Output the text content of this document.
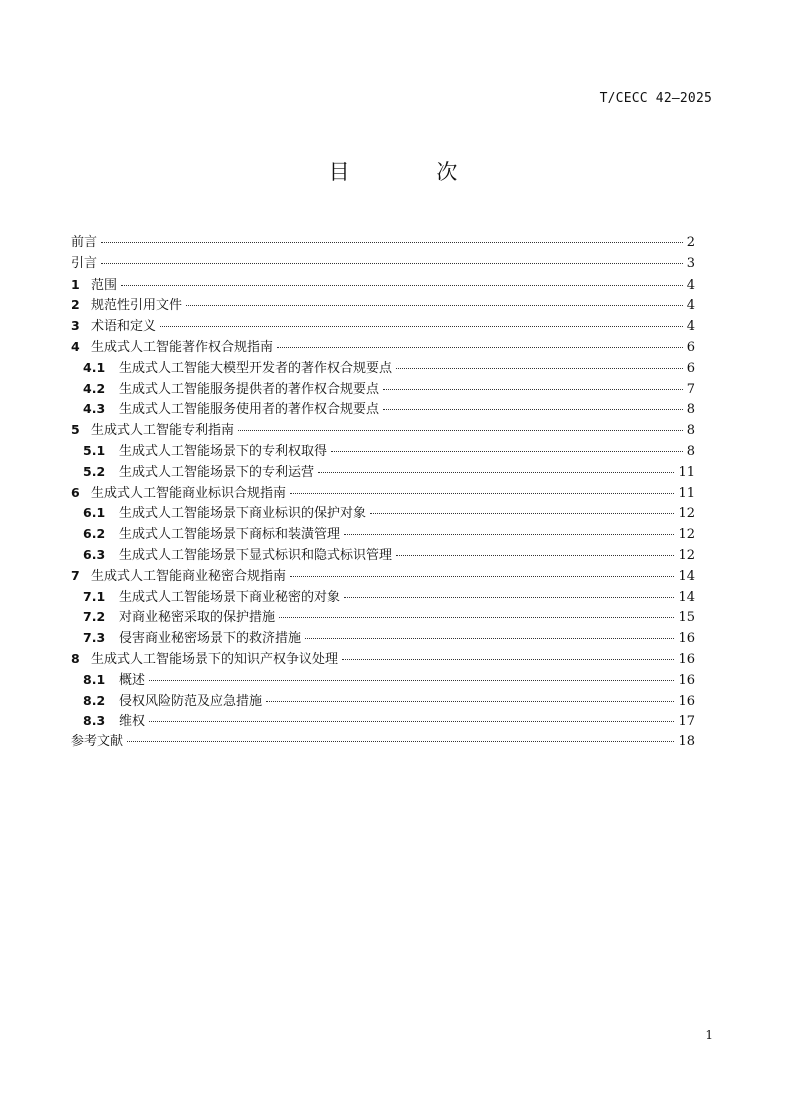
T/CECC 42—2025
目 次
前言	2
引言	3
1 范围	4
2 规范性引用文件	4
3 术语和定义	4
4 生成式人工智能著作权合规指南	6
4.1	生成式人工智能大模型开发者的著作权合规要点	6
4.2	生成式人工智能服务提供者的著作权合规要点	7
4.3	生成式人工智能服务使用者的著作权合规要点	8
5 生成式人工智能专利指南	8
5.1	生成式人工智能场景下的专利权取得	8
5.2	生成式人工智能场景下的专利运营	11
6 生成式人工智能商业标识合规指南	11
6.1	生成式人工智能场景下商业标识的保护对象	12
6.2	生成式人工智能场景下商标和装潢管理	12
6.3	生成式人工智能场景下显式标识和隐式标识管理	12
7 生成式人工智能商业秘密合规指南	14
7.1	生成式人工智能场景下商业秘密的对象	14
7.2	对商业秘密采取的保护措施	15
7.3	侵害商业秘密场景下的救济措施	16
8 生成式人工智能场景下的知识产权争议处理	16
8.1	概述	16
8.2	侵权风险防范及应急措施	16
8.3	维权	17
参考文献	18
1
